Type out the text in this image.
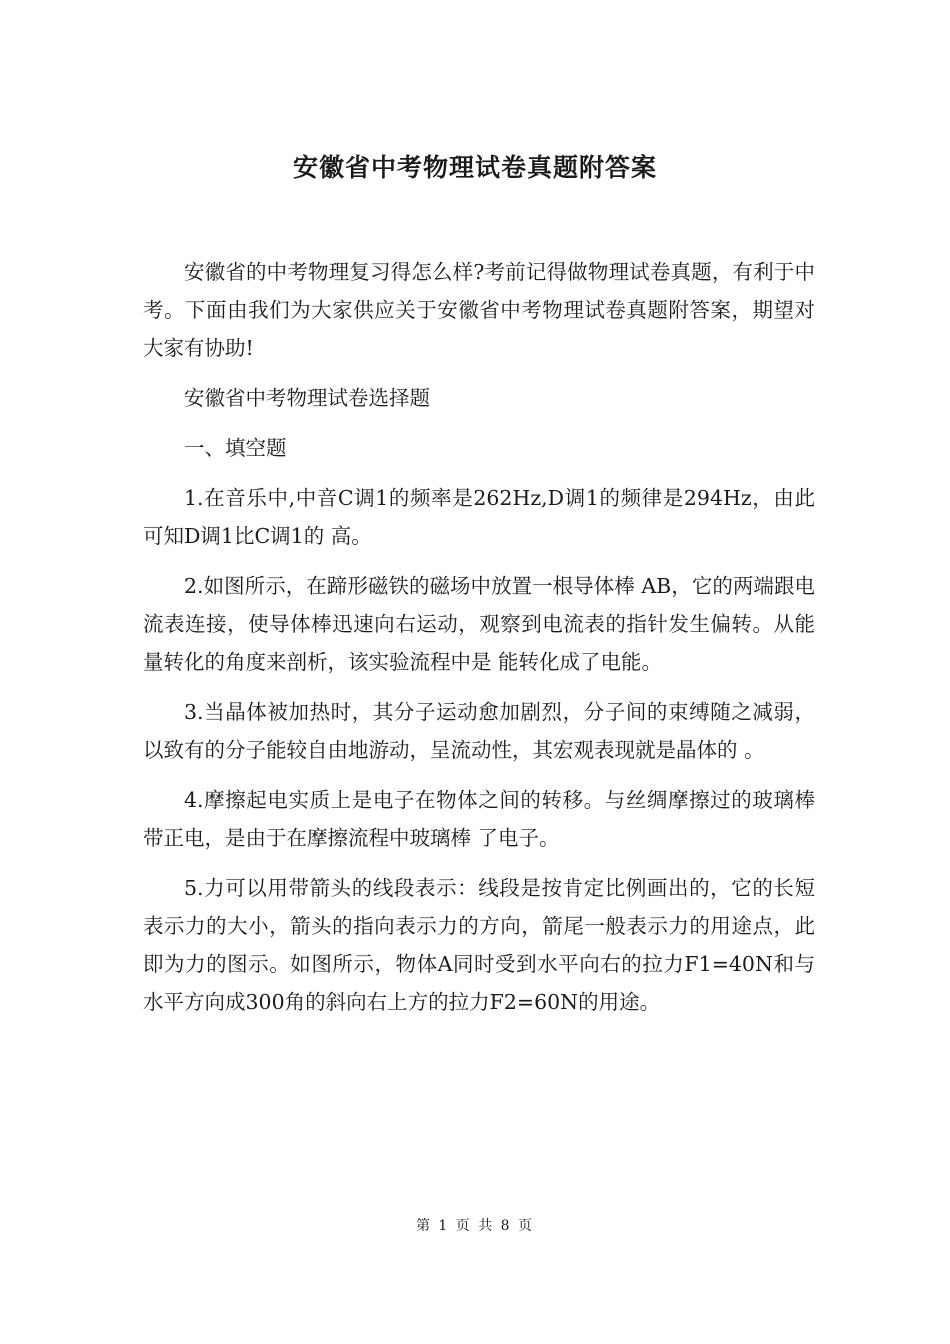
安徽省中考物理试卷真题附答案

安徽省的中考物理复习得怎么样?考前记得做物理试卷真题，有利于中考。下面由我们为大家供应关于安徽省中考物理试卷真题附答案，期望对大家有协助!

安徽省中考物理试卷选择题

一、填空题

1.在音乐中,中音C调1的频率是262Hz,D调1的频律是294Hz，由此可知D调1比C调1的 高。

2.如图所示，在蹄形磁铁的磁场中放置一根导体棒 AB，它的两端跟电流表连接，使导体棒迅速向右运动，观察到电流表的指针发生偏转。从能量转化的角度来剖析，该实验流程中是 能转化成了电能。

3.当晶体被加热时，其分子运动愈加剧烈，分子间的束缚随之减弱，以致有的分子能较自由地游动，呈流动性，其宏观表现就是晶体的 。

4.摩擦起电实质上是电子在物体之间的转移。与丝绸摩擦过的玻璃棒带正电，是由于在摩擦流程中玻璃棒 了电子。

5.力可以用带箭头的线段表示：线段是按肯定比例画出的，它的长短表示力的大小，箭头的指向表示力的方向，箭尾一般表示力的用途点，此即为力的图示。如图所示，物体A同时受到水平向右的拉力F1=40N和与水平方向成300角的斜向右上方的拉力F2=60N的用途。

第 1 页 共 8 页
